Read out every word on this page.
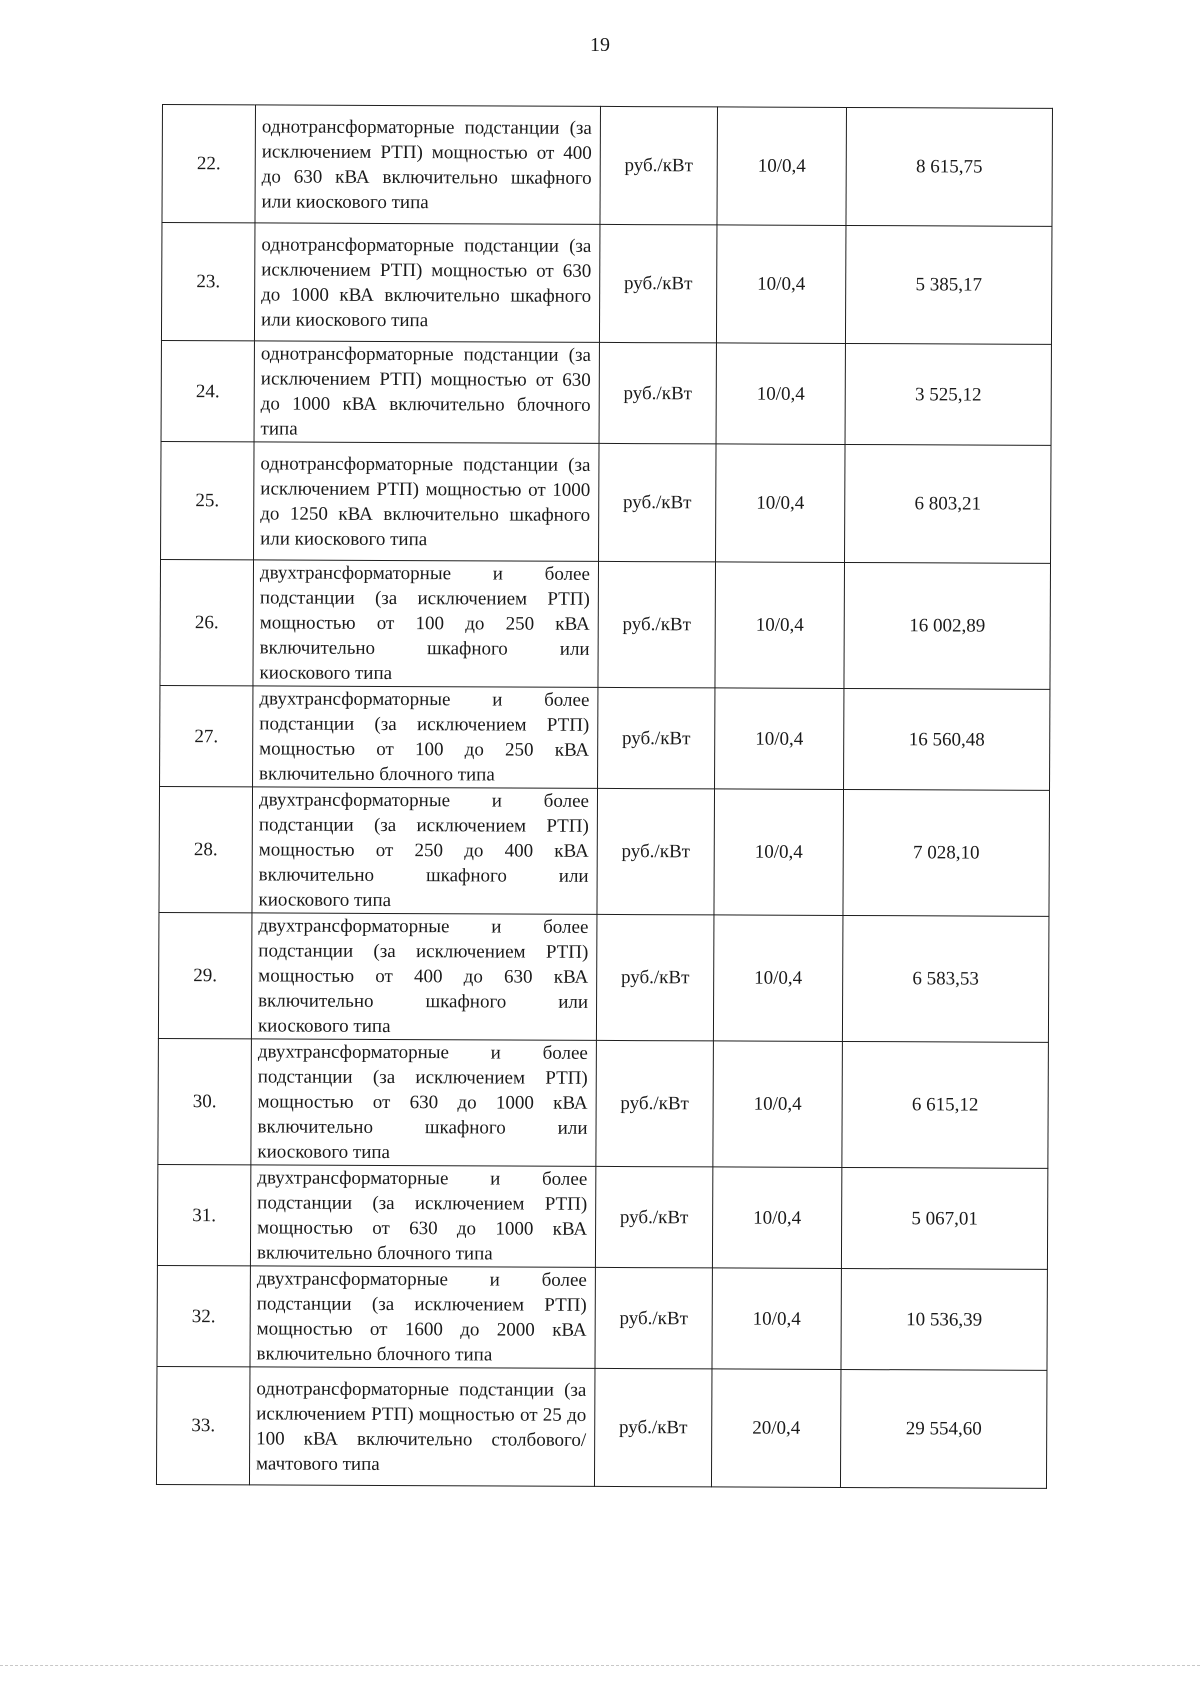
19
22.	однотрансформаторные подстанции (за исключением РТП) мощностью от 400 до 630 кВА включительно шкафного или киоскового типа	руб./кВт	10/0,4	8 615,75
23.	однотрансформаторные подстанции (за исключением РТП) мощностью от 630 до 1000 кВА включительно шкафного или киоскового типа	руб./кВт	10/0,4	5 385,17
24.	однотрансформаторные подстанции (за исключением РТП) мощностью от 630 до 1000 кВА включительно блочного типа	руб./кВт	10/0,4	3 525,12
25.	однотрансформаторные подстанции (за исключением РТП) мощностью от 1000 до 1250 кВА включительно шкафного или киоскового типа	руб./кВт	10/0,4	6 803,21
26.	двухтрансформаторные и более подстанции (за исключением РТП) мощностью от 100 до 250 кВА включительно шкафного или киоскового типа	руб./кВт	10/0,4	16 002,89
27.	двухтрансформаторные и более подстанции (за исключением РТП) мощностью от 100 до 250 кВА включительно блочного типа	руб./кВт	10/0,4	16 560,48
28.	двухтрансформаторные и более подстанции (за исключением РТП) мощностью от 250 до 400 кВА включительно шкафного или киоскового типа	руб./кВт	10/0,4	7 028,10
29.	двухтрансформаторные и более подстанции (за исключением РТП) мощностью от 400 до 630 кВА включительно шкафного или киоскового типа	руб./кВт	10/0,4	6 583,53
30.	двухтрансформаторные и более подстанции (за исключением РТП) мощностью от 630 до 1000 кВА включительно шкафного или киоскового типа	руб./кВт	10/0,4	6 615,12
31.	двухтрансформаторные и более подстанции (за исключением РТП) мощностью от 630 до 1000 кВА включительно блочного типа	руб./кВт	10/0,4	5 067,01
32.	двухтрансформаторные и более подстанции (за исключением РТП) мощностью от 1600 до 2000 кВА включительно блочного типа	руб./кВт	10/0,4	10 536,39
33.	однотрансформаторные подстанции (за исключением РТП) мощностью от 25 до 100 кВА включительно столбового/мачтового типа	руб./кВт	20/0,4	29 554,60
